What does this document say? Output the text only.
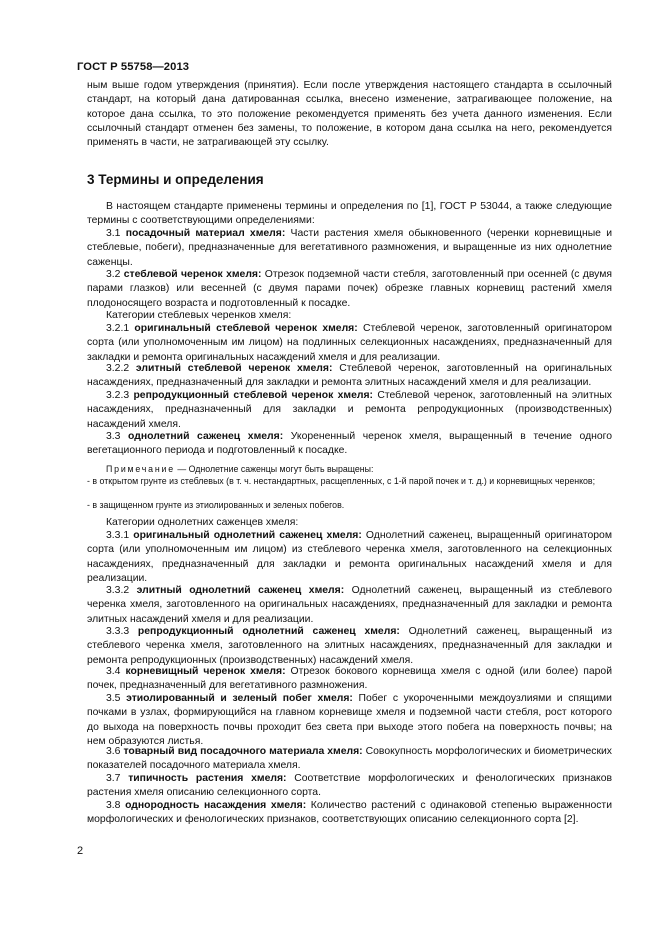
ГОСТ Р 55758—2013
ным выше годом утверждения (принятия). Если после утверждения настоящего стандарта в ссылочный стандарт, на который дана датированная ссылка, внесено изменение, затрагивающее положение, на которое дана ссылка, то это положение рекомендуется применять без учета данного изменения. Если ссылочный стандарт отменен без замены, то положение, в котором дана ссылка на него, рекомендуется применять в части, не затрагивающей эту ссылку.
3 Термины и определения
В настоящем стандарте применены термины и определения по [1], ГОСТ Р 53044, а также следующие термины с соответствующими определениями:
3.1 посадочный материал хмеля: Части растения хмеля обыкновенного (черенки корневищные и стеблевые, побеги), предназначенные для вегетативного размножения, и выращенные из них однолетние саженцы.
3.2 стеблевой черенок хмеля: Отрезок подземной части стебля, заготовленный при осенней (с двумя парами глазков) или весенней (с двумя парами почек) обрезке главных корневищ растений хмеля плодоносящего возраста и подготовленный к посадке.
Категории стеблевых черенков хмеля:
3.2.1 оригинальный стеблевой черенок хмеля: Стеблевой черенок, заготовленный оригинатором сорта (или уполномоченным им лицом) на подлинных селекционных насаждениях, предназначенный для закладки и ремонта оригинальных насаждений хмеля и для реализации.
3.2.2 элитный стеблевой черенок хмеля: Стеблевой черенок, заготовленный на оригинальных насаждениях, предназначенный для закладки и ремонта элитных насаждений хмеля и для реализации.
3.2.3 репродукционный стеблевой черенок хмеля: Стеблевой черенок, заготовленный на элитных насаждениях, предназначенный для закладки и ремонта репродукционных (производственных) насаждений хмеля.
3.3 однолетний саженец хмеля: Укорененный черенок хмеля, выращенный в течение одного вегетационного периода и подготовленный к посадке.
Примечание — Однолетние саженцы могут быть выращены:
- в открытом грунте из стеблевых (в т. ч. нестандартных, расщепленных, с 1-й парой почек и т. д.) и корневищных черенков;
- в защищенном грунте из этиолированных и зеленых побегов.
Категории однолетних саженцев хмеля:
3.3.1 оригинальный однолетний саженец хмеля: Однолетний саженец, выращенный оригинатором сорта (или уполномоченным им лицом) из стеблевого черенка хмеля, заготовленного на селекционных насаждениях, предназначенный для закладки и ремонта оригинальных насаждений хмеля и для реализации.
3.3.2 элитный однолетний саженец хмеля: Однолетний саженец, выращенный из стеблевого черенка хмеля, заготовленного на оригинальных насаждениях, предназначенный для закладки и ремонта элитных насаждений хмеля и для реализации.
3.3.3 репродукционный однолетний саженец хмеля: Однолетний саженец, выращенный из стеблевого черенка хмеля, заготовленного на элитных насаждениях, предназначенный для закладки и ремонта репродукционных (производственных) насаждений хмеля.
3.4 корневищный черенок хмеля: Отрезок бокового корневища хмеля с одной (или более) парой почек, предназначенный для вегетативного размножения.
3.5 этиолированный и зеленый побег хмеля: Побег с укороченными междоузлиями и спящими почками в узлах, формирующийся на главном корневище хмеля и подземной части стебля, рост которого до выхода на поверхность почвы проходит без света при выходе этого побега на поверхность почвы; на нем образуются листья.
3.6 товарный вид посадочного материала хмеля: Совокупность морфологических и биометрических показателей посадочного материала хмеля.
3.7 типичность растения хмеля: Соответствие морфологических и фенологических признаков растения хмеля описанию селекционного сорта.
3.8 однородность насаждения хмеля: Количество растений с одинаковой степенью выраженности морфологических и фенологических признаков, соответствующих описанию селекционного сорта [2].
2
